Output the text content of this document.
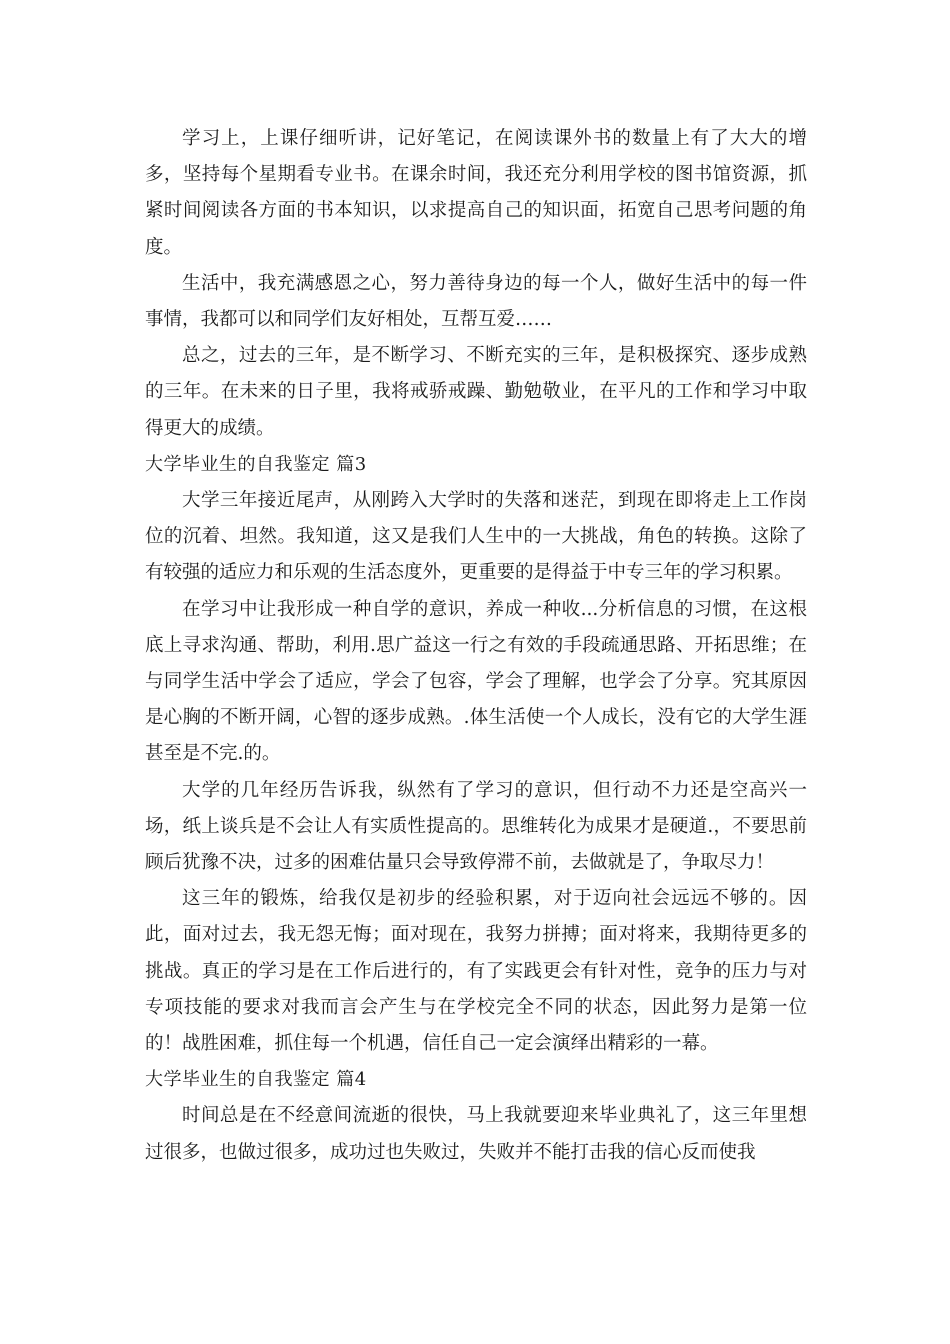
学习上，上课仔细听讲，记好笔记，在阅读课外书的数量上有了大大的增多，坚持每个星期看专业书。在课余时间，我还充分利用学校的图书馆资源，抓紧时间阅读各方面的书本知识，以求提高自己的知识面，拓宽自己思考问题的角度。

生活中，我充满感恩之心，努力善待身边的每一个人，做好生活中的每一件事情，我都可以和同学们友好相处，互帮互爱……

总之，过去的三年，是不断学习、不断充实的三年，是积极探究、逐步成熟的三年。在未来的日子里，我将戒骄戒躁、勤勉敬业，在平凡的工作和学习中取得更大的成绩。

大学毕业生的自我鉴定 篇3

大学三年接近尾声，从刚跨入大学时的失落和迷茫，到现在即将走上工作岗位的沉着、坦然。我知道，这又是我们人生中的一大挑战，角色的转换。这除了有较强的适应力和乐观的生活态度外，更重要的是得益于中专三年的学习积累。

在学习中让我形成一种自学的意识，养成一种收...分析信息的习惯，在这根底上寻求沟通、帮助，利用.思广益这一行之有效的手段疏通思路、开拓思维；在与同学生活中学会了适应，学会了包容，学会了理解，也学会了分享。究其原因是心胸的不断开阔，心智的逐步成熟。.体生活使一个人成长，没有它的大学生涯甚至是不完.的。

大学的几年经历告诉我，纵然有了学习的意识，但行动不力还是空高兴一场，纸上谈兵是不会让人有实质性提高的。思维转化为成果才是硬道.，不要思前顾后犹豫不决，过多的困难估量只会导致停滞不前，去做就是了，争取尽力！

这三年的锻炼，给我仅是初步的经验积累，对于迈向社会远远不够的。因此，面对过去，我无怨无悔；面对现在，我努力拼搏；面对将来，我期待更多的挑战。真正的学习是在工作后进行的，有了实践更会有针对性，竞争的压力与对专项技能的要求对我而言会产生与在学校完全不同的状态，因此努力是第一位的！战胜困难，抓住每一个机遇，信任自己一定会演绎出精彩的一幕。

大学毕业生的自我鉴定 篇4

时间总是在不经意间流逝的很快，马上我就要迎来毕业典礼了，这三年里想过很多，也做过很多，成功过也失败过，失败并不能打击我的信心反而使我
